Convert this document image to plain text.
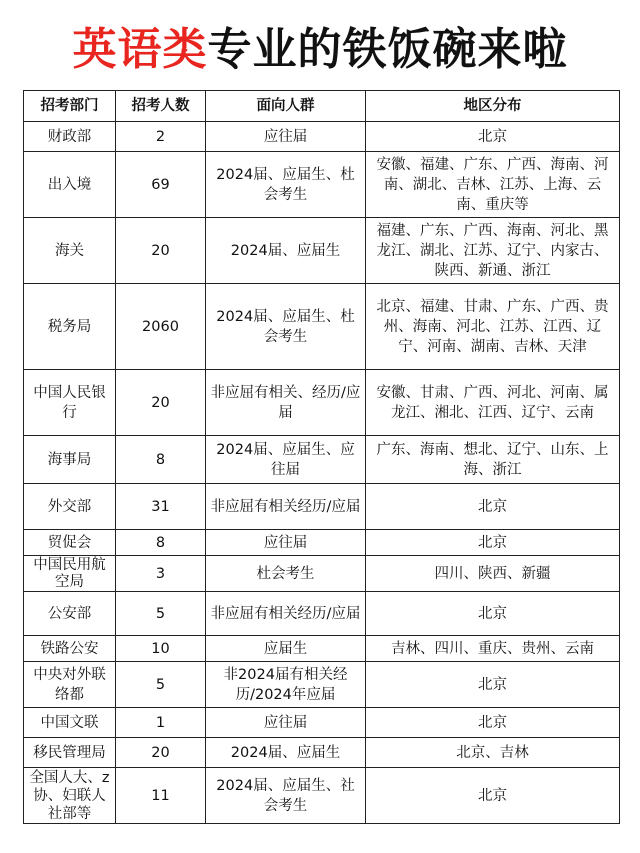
英语类专业的铁饭碗来啦
招考部门	招考人数	面向人群	地区分布
财政部	2	应往届	北京
出入境	69	2024届、应届生、杜会考生	安徽、福建、广东、广西、海南、河南、湖北、吉林、江苏、上海、云南、重庆等
海关	20	2024届、应届生	福建、广东、广西、海南、河北、黑龙江、湖北、江苏、辽宁、内家古、陕西、新通、浙江
税务局	2060	2024届、应届生、杜会考生	北京、福建、甘肃、广东、广西、贵州、海南、河北、江苏、江西、辽宁、河南、湖南、吉林、天津
中国人民银行	20	非应屈有相关、经历/应届	安徽、甘肃、广西、河北、河南、属龙江、湘北、江西、辽宁、云南
海事局	8	2024届、应届生、应往届	广东、海南、想北、辽宁、山东、上海、浙江
外交部	31	非应屈有相关经历/应届	北京
贸促会	8	应往届	北京
中国民用航空局	3	杜会考生	四川、陕西、新疆
公安部	5	非应屈有相关经历/应届	北京
铁路公安	10	应届生	吉林、四川、重庆、贵州、云南
中央对外联络都	5	非2024届有相关经历/2024年应届	北京
中国文联	1	应往届	北京
移民管理局	20	2024届、应届生	北京、吉林
全国人大、z协、妇联人社部等	11	2024届、应届生、社会考生	北京
